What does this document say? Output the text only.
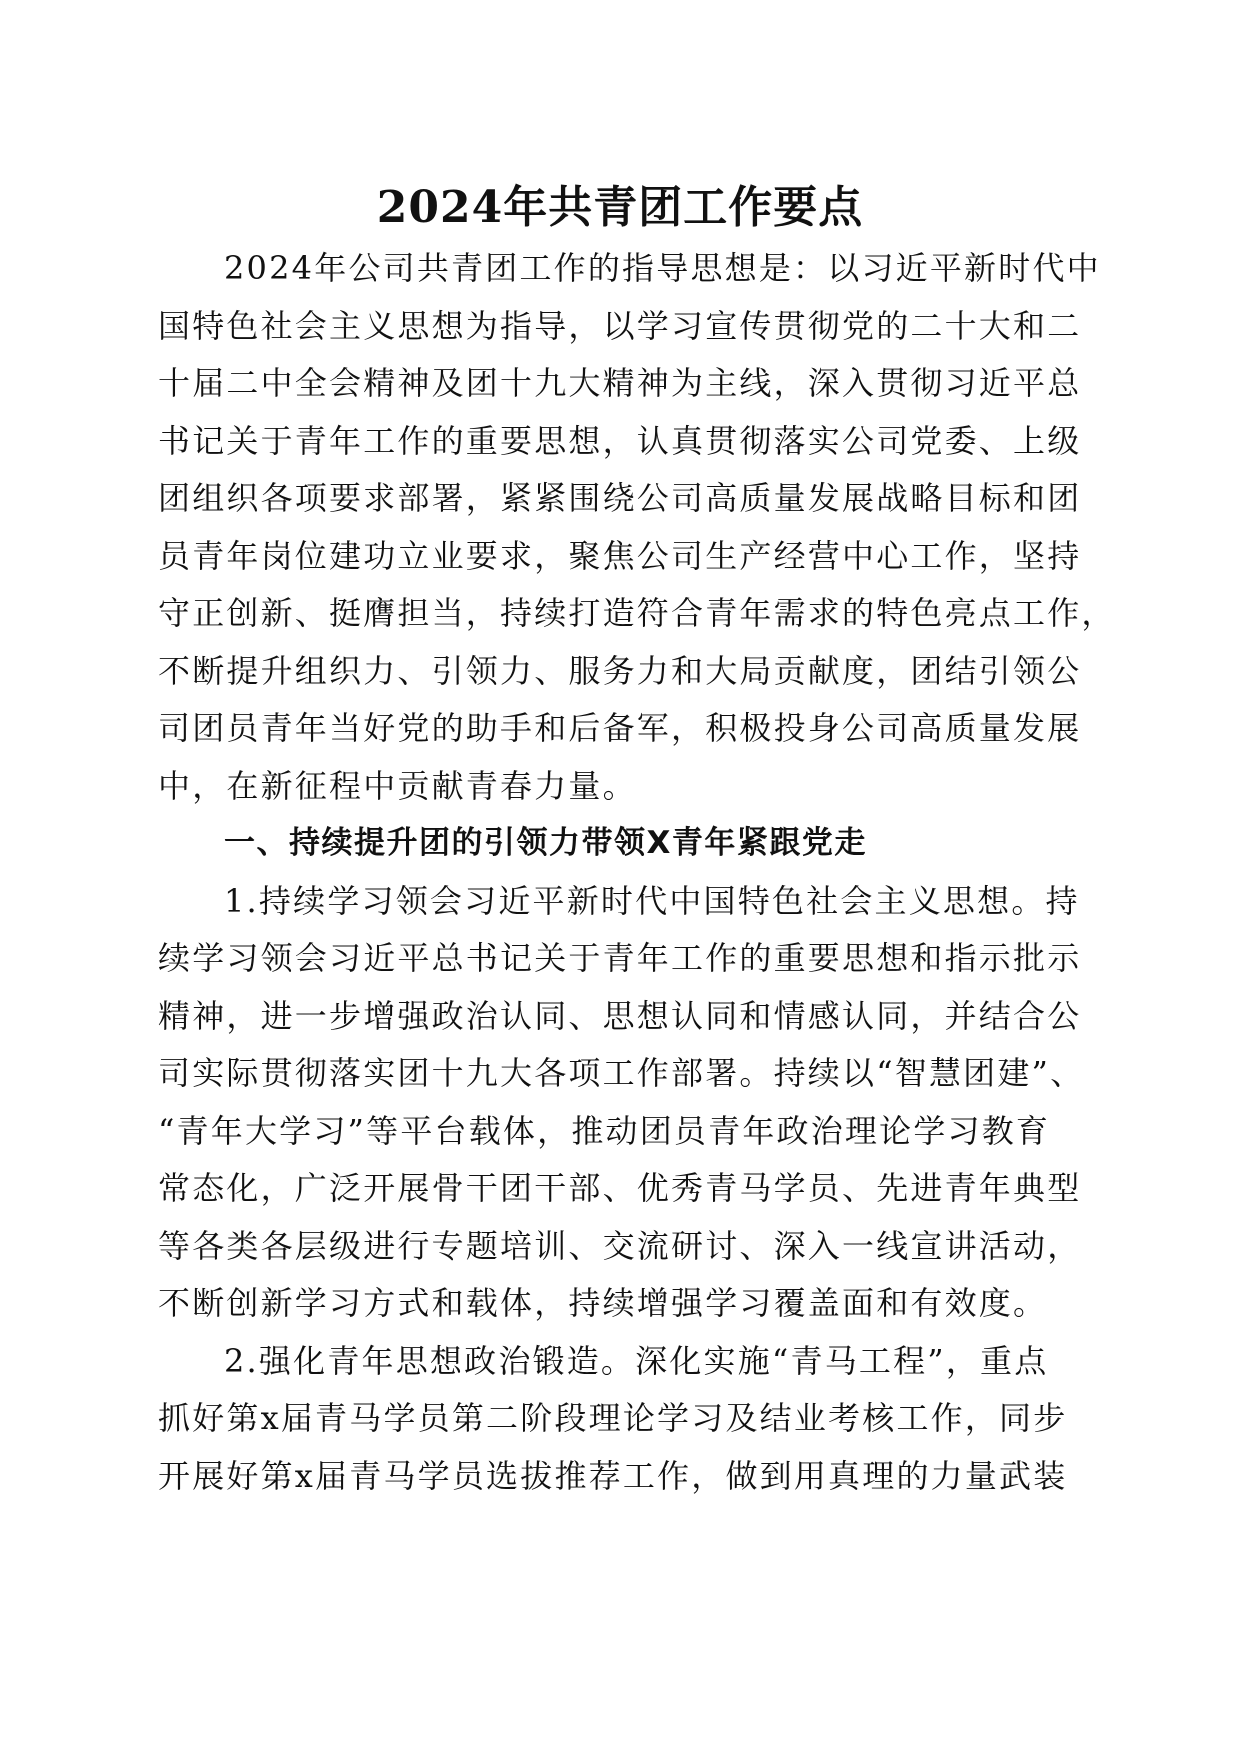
2024年共青团工作要点
2024年公司共青团工作的指导思想是：以习近平新时代中
国特色社会主义思想为指导，以学习宣传贯彻党的二十大和二
十届二中全会精神及团十九大精神为主线，深入贯彻习近平总
书记关于青年工作的重要思想，认真贯彻落实公司党委、上级
团组织各项要求部署，紧紧围绕公司高质量发展战略目标和团
员青年岗位建功立业要求，聚焦公司生产经营中心工作，坚持
守正创新、挺膺担当，持续打造符合青年需求的特色亮点工作，
不断提升组织力、引领力、服务力和大局贡献度，团结引领公
司团员青年当好党的助手和后备军，积极投身公司高质量发展
中，在新征程中贡献青春力量。
一、持续提升团的引领力带领X青年紧跟党走
1.持续学习领会习近平新时代中国特色社会主义思想。持
续学习领会习近平总书记关于青年工作的重要思想和指示批示
精神，进一步增强政治认同、思想认同和情感认同，并结合公
司实际贯彻落实团十九大各项工作部署。持续以“智慧团建”、
“青年大学习”等平台载体，推动团员青年政治理论学习教育
常态化，广泛开展骨干团干部、优秀青马学员、先进青年典型
等各类各层级进行专题培训、交流研讨、深入一线宣讲活动，
不断创新学习方式和载体，持续增强学习覆盖面和有效度。
2.强化青年思想政治锻造。深化实施“青马工程”，重点
抓好第x届青马学员第二阶段理论学习及结业考核工作，同步
开展好第x届青马学员选拔推荐工作，做到用真理的力量武装
